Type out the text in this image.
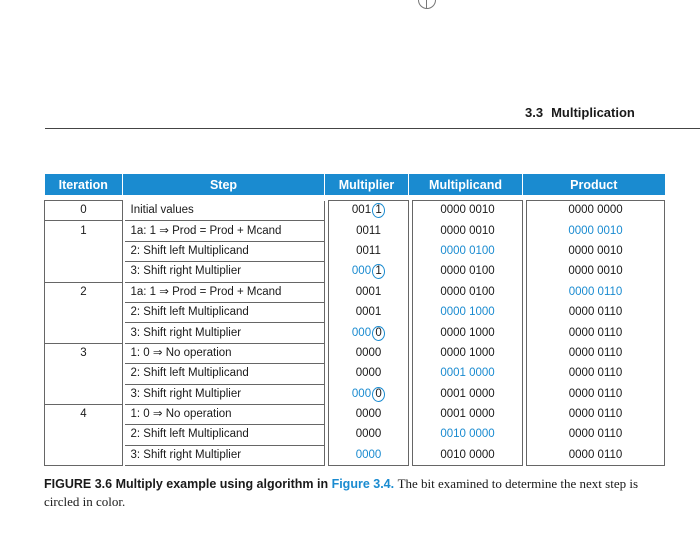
3.3 Multiplication
Iteration	Step		Multiplier		Multiplicand		Product	

0		Initial values		001 1		0000 0010		0000 0000
1		1a: 1 ⇒ Prod = Prod + Mcand		0011		0000 0010		0000 0010
		2: Shift left Multiplicand		0011		0000 0100		0000 0010
		3: Shift right Multiplier		000 1		0000 0100		0000 0010
2		1a: 1 ⇒ Prod = Prod + Mcand		0001		0000 0100		0000 0110
		2: Shift left Multiplicand		0001		0000 1000		0000 0110
		3: Shift right Multiplier		000 0		0000 1000		0000 0110
3		1: 0 ⇒ No operation		0000		0000 1000		0000 0110
		2: Shift left Multiplicand		0000		0001 0000		0000 0110
		3: Shift right Multiplier		000 0		0001 0000		0000 0110
4		1: 0 ⇒ No operation		0000		0001 0000		0000 0110
		2: Shift left Multiplicand		0000		0010 0000		0000 0110
		3: Shift right Multiplier		0000		0010 0000		0000 0110
FIGURE 3.6 Multiply example using algorithm in Figure 3.4. The bit examined to determine the next step is circled in color.
